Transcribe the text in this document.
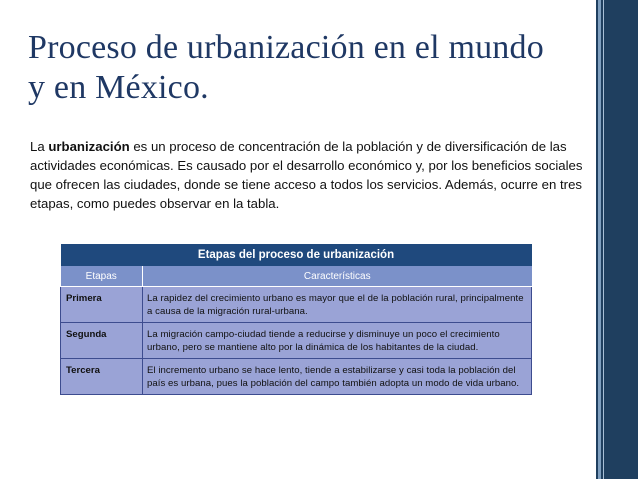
Proceso de urbanización en el mundo
y en México.

La urbanización es un proceso de concentración de la población y de diversificación de las actividades económicas. Es causado por el desarrollo económico y, por los beneficios sociales que ofrecen las ciudades, donde se tiene acceso a todos los servicios. Además, ocurre en tres etapas, como puedes observar en la tabla.

Etapas del proceso de urbanización	
Etapas	Características
Primera	La rapidez del crecimiento urbano es mayor que el de la población rural, principalmente a causa de la migración rural-urbana.
Segunda	La migración campo-ciudad tiende a reducirse y disminuye un poco el crecimiento urbano, pero se mantiene alto por la dinámica de los habitantes de la ciudad.
Tercera	El incremento urbano se hace lento, tiende a estabilizarse y casi toda la población del país es urbana, pues la población del campo también adopta un modo de vida urbano.
